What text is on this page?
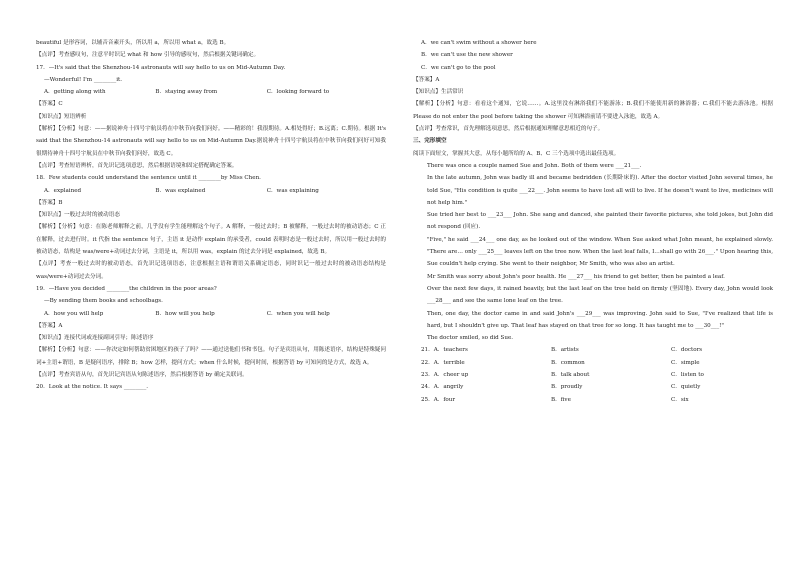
beautiful 是形容词，以辅音音素开头，所以用 a，所以用 what a，故选 B。
【点评】考查感叹句，注意平时识记 what 和 how 引导的感叹句，然后根据关键词确定。
17．—It's said that the Shenzhou-14 astronauts will say hello to us on Mid-Autumn Day.
—Wonderful! I'm ________it.
A．getting along with	B．staying away from	C．looking forward to
【答案】C
【知识点】短语辨析
【解析】【分析】句意：——据说神舟十四号宇航员将在中秋节向我们问好。——精彩的！我很期待。A.相处得好；B.远离；C.期待。根据 It's said that the Shenzhou-14 astronauts will say hello to us on Mid-Autumn Day.据说神舟十四号宇航员将在中秋节向我们问好可知我很期待神舟十四号宇航员在中秋节向我们问好，故选 C。
【点评】考查短语辨析，首先识记选项意思，然后根据语境和固定搭配确定答案。
18．Few students could understand the sentence until it ________by Miss Chen.
A．explained	B．was explained	C．was explaining
【答案】B
【知识点】一般过去时的被动语态
【解析】【分析】句意：在陈老师解释之前，几乎没有学生能理解这个句子。A 解释，一般过去时；B 被解释，一般过去时的被动语态；C 正在解释，过去进行时。it 代指 the sentence 句子，主语 it 是动作 explain 的承受者，could 表明时态是一般过去时，所以用一般过去时的被动语态，结构是 was/were+动词过去分词，主语是 it，所以用 was，explain 的过去分词是 explained，故选 B。
【点评】考查一般过去时的被动语态，首先识记选项语态，注意根据主语和谓语关系确定语态，同时识记一般过去时的被动语态结构是 was/were+动词过去分词。
19．—Have you decided ________the children in the poor areas?
—By sending them books and schoolbags.
A．how you will help	B．how will you help	C．when you will help
【答案】A
【知识点】连接代词或连接副词引导；陈述语序
【解析】【分析】句意：——你决定如何帮助贫困地区的孩子了吗？——通过送他们书和书包。句子是宾语从句，用陈述语序，结构是特殊疑问词+主语+谓语，B 是疑问语序，排除 B；how 怎样，提问方式；when 什么时候，提问时间，根据答语 by 可知问的是方式，故选 A。
【点评】考查宾语从句，首先识记宾语从句陈述语序，然后根据答语 by 确定关联词。
20．Look at the notice. It says ________.
A．we can't swim without a shower here
B．we can't use the new shower
C．we can't go to the pool
【答案】A
【知识点】生活常识
【解析】【分析】句意：看看这个通知，它说……。A.这里没有淋浴我们不能游泳；B.我们不能使用新的淋浴器；C.我们不能去游泳池。根据 Please do not enter the pool before taking the shower 可知淋浴前请不要进入泳池，故选 A。
【点评】考查常识，首先理解选项意思，然后根据通知理解意思相近的句子。
三、完形填空
阅读下面短文，掌握其大意，从每小题所给的 A、B、C 三个选项中选出最佳选项。
There was once a couple named Sue and John. Both of them were ___21___.
In the late autumn, John was badly ill and became bedridden (长期卧床的). After the doctor visited John several times, he told Sue, "His condition is quite ___22___. John seems to have lost all will to live. If he doesn't want to live, medicines will not help him."
Sue tried her best to ___23___ John. She sang and danced, she painted their favorite pictures, she told jokes, but John did not respond (回应).
"Five," he said ___24___ one day, as he looked out of the window. When Sue asked what John meant, he explained slowly. "There are… only ___25___ leaves left on the tree now. When the last leaf falls, I…shall go with 26___." Upon hearing this, Sue couldn't help crying. She went to their neighbor, Mr Smith, who was also an artist.
Mr Smith was sorry about John's poor health. He ___27___ his friend to get better, then he painted a leaf.
Over the next few days, it rained heavily, but the last leaf on the tree held on firmly (坚固地). Every day, John would look ___28___ and see the same lone leaf on the tree.
Then, one day, the doctor came in and said John's ___29___ was improving. John said to Sue, "I've realized that life is hard, but I shouldn't give up. That leaf has stayed on that tree for so long. It has taught me to ___30___!"
The doctor smiled, so did Sue.
21．A．teachers	B．artists	C．doctors
22．A．terrible	B．common	C．simple
23．A．cheer up	B．talk about	C．listen to
24．A．angrily	B．proudly	C．quietly
25．A．four	B．five	C．six
